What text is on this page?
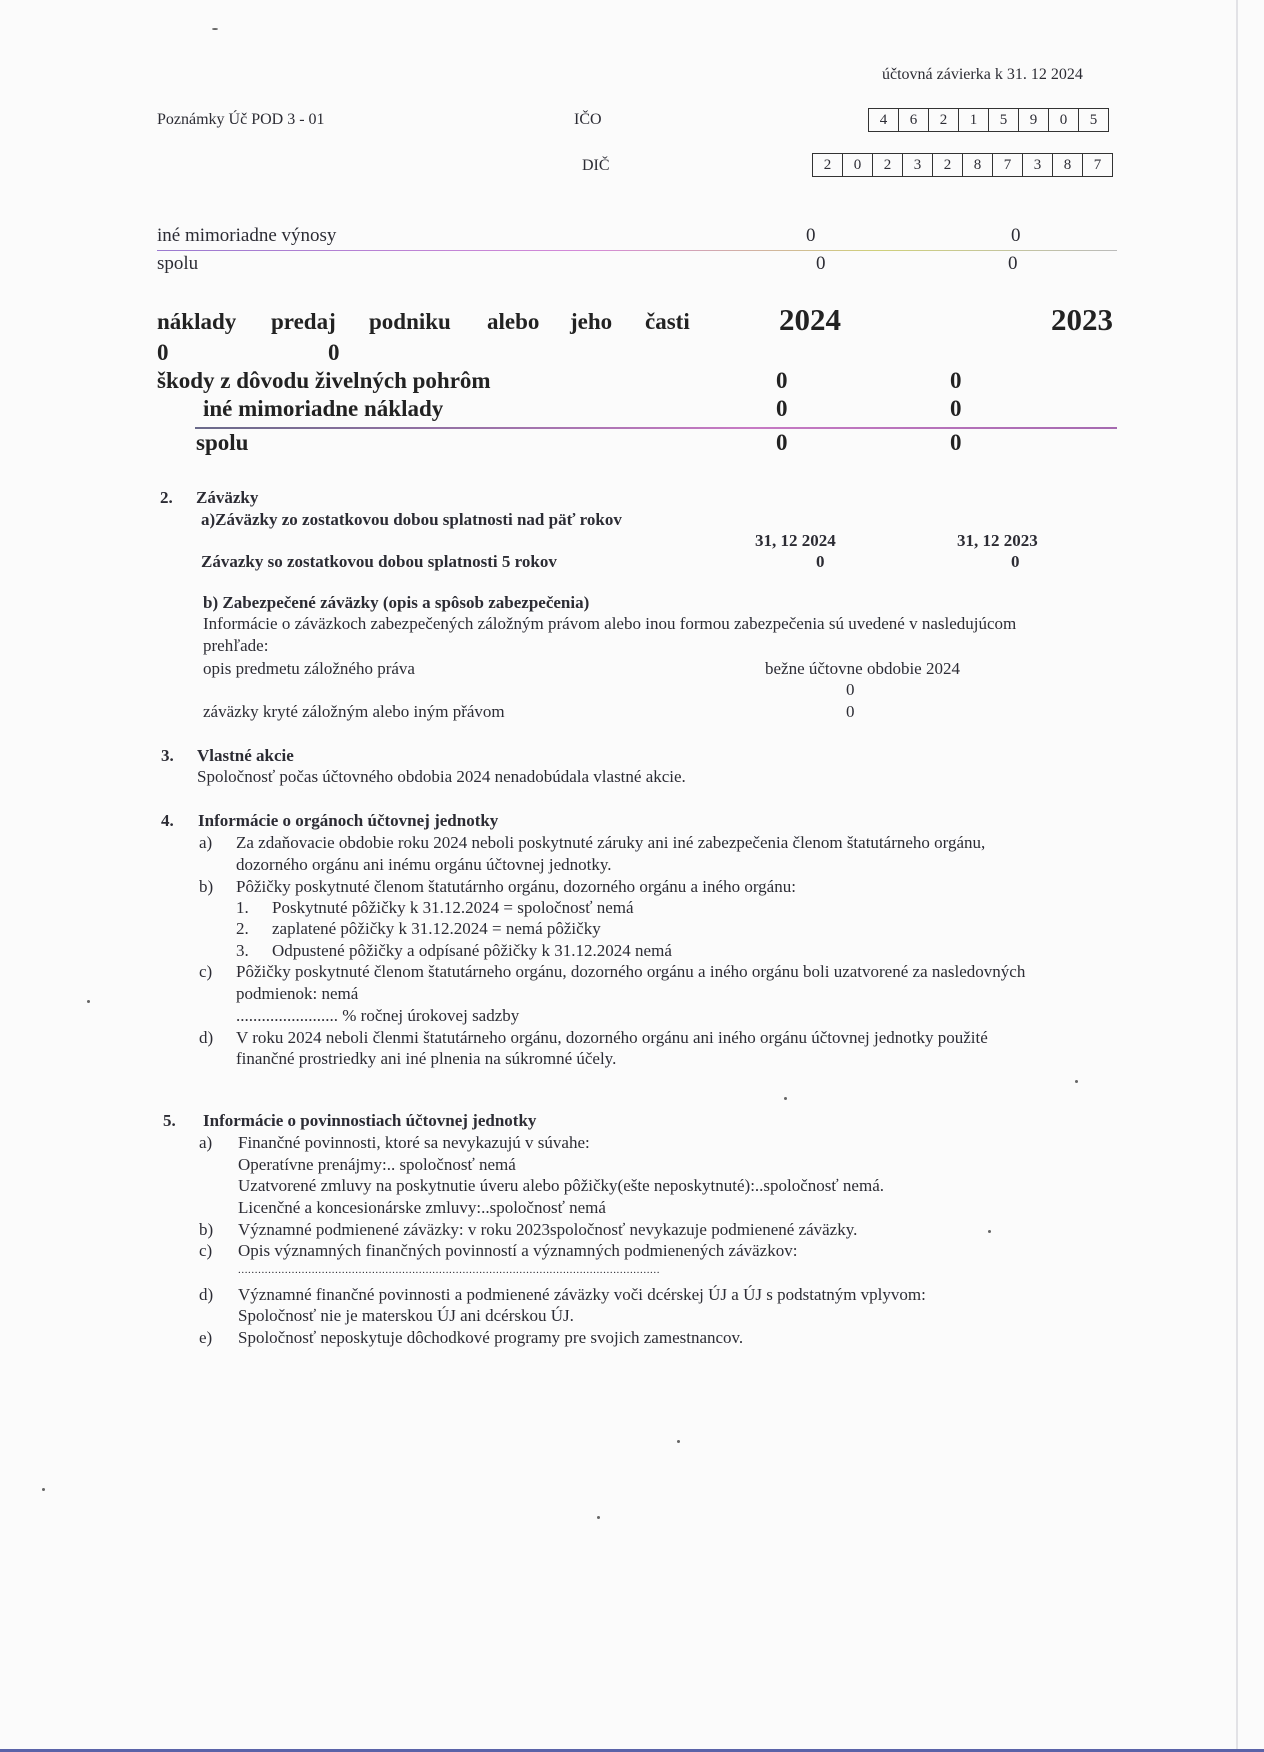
účtovná závierka k 31. 12 2024
Poznámky Úč POD 3 - 01	IČO	4	6	2	1	5	9	0	5
DIČ	2	0	2	3	2	8	7	3	8	7
iné mimoriadne výnosy	0	0
spolu	0	0
náklady predaj podniku alebo jeho časti	2024	2023
0	0
škody z dôvodu živelných pohrôm	0	0
iné mimoriadne náklady	0	0
spolu	0	0
2. Záväzky
a)Záväzky zo zostatkovou dobou splatnosti nad päť rokov
31, 12 2024	31, 12 2023
Závazky so zostatkovou dobou splatnosti 5 rokov	0	0
b) Zabezpečené záväzky (opis a spôsob zabezpečenia)
Informácie o záväzkoch zabezpečených záložným právom alebo inou formou zabezpečenia sú uvedené v nasledujúcom
prehľade:
opis predmetu záložného práva	bežne účtovne obdobie 2024
0
záväzky kryté záložným alebo iným přávom	0
3. Vlastné akcie
Spoločnosť počas účtovného obdobia 2024 nenadobúdala vlastné akcie.
4. Informácie o orgánoch účtovnej jednotky
a) Za zdaňovacie obdobie roku 2024 neboli poskytnuté záruky ani iné zabezpečenia členom štatutárneho orgánu,
dozorného orgánu ani inému orgánu účtovnej jednotky.
b) Pôžičky poskytnuté členom štatutárnho orgánu, dozorného orgánu a iného orgánu:
1. Poskytnuté pôžičky k 31.12.2024 = spoločnosť nemá
2. zaplatené pôžičky k 31.12.2024 = nemá pôžičky
3. Odpustené pôžičky a odpísané pôžičky k 31.12.2024 nemá
c) Pôžičky poskytnuté členom štatutárneho orgánu, dozorného orgánu a iného orgánu boli uzatvorené za nasledovných
podmienok: nemá
........................ % ročnej úrokovej sadzby
d) V roku 2024 neboli členmi štatutárneho orgánu, dozorného orgánu ani iného orgánu účtovnej jednotky použité
finančné prostriedky ani iné plnenia na súkromné účely.
5. Informácie o povinnostiach účtovnej jednotky
a) Finančné povinnosti, ktoré sa nevykazujú v súvahe:
Operatívne prenájmy:.. spoločnosť nemá
Uzatvorené zmluvy na poskytnutie úveru alebo pôžičky(ešte neposkytnuté):..spoločnosť nemá.
Licenčné a koncesionárske zmluvy:..spoločnosť nemá
b) Významné podmienené záväzky: v roku 2023spoločnosť nevykazuje podmienené záväzky.
c) Opis významných finančných povinností a významných podmienených záväzkov:
..............................................................................................................................
d) Významné finančné povinnosti a podmienené záväzky voči dcérskej ÚJ a ÚJ s podstatným vplyvom:
Spoločnosť nie je materskou ÚJ ani dcérskou ÚJ.
e) Spoločnosť neposkytuje dôchodkové programy pre svojich zamestnancov.
